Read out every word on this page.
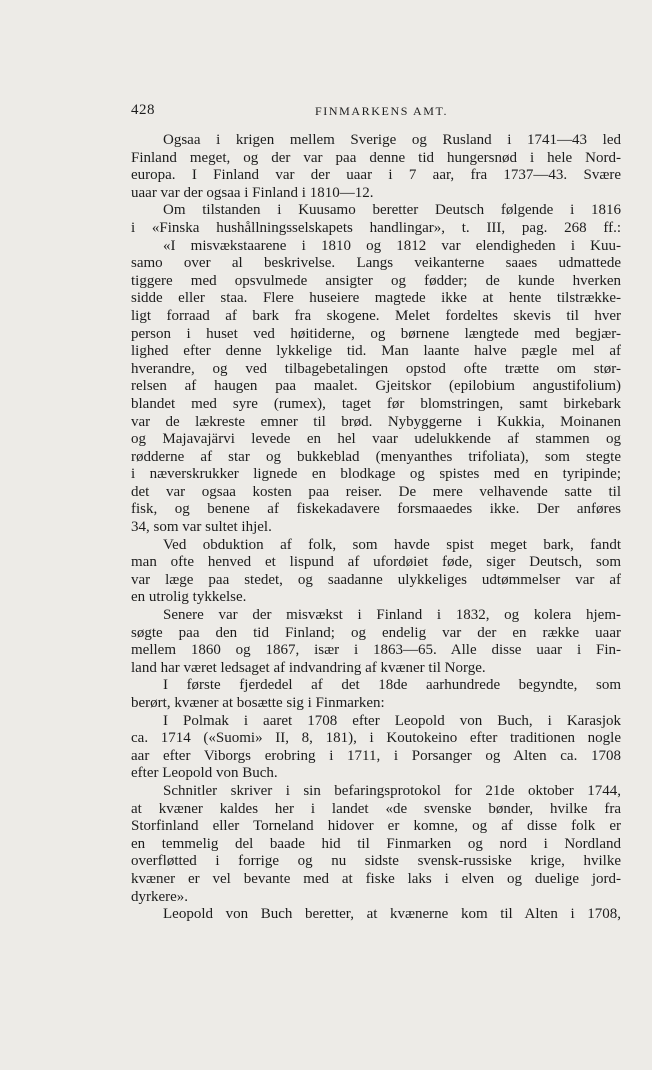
428	FINMARKENS AMT.
Ogsaa i krigen mellem Sverige og Rusland i 1741—43 led
Finland meget, og der var paa denne tid hungersnød i hele Nord-
europa. I Finland var der uaar i 7 aar, fra 1737—43. Svære
uaar var der ogsaa i Finland i 1810—12.
Om tilstanden i Kuusamo beretter Deutsch følgende i 1816
i «Finska hushållningsselskapets handlingar», t. III, pag. 268 ff.:
«I misvækstaarene i 1810 og 1812 var elendigheden i Kuu-
samo over al beskrivelse. Langs veikanterne saaes udmattede
tiggere med opsvulmede ansigter og fødder; de kunde hverken
sidde eller staa. Flere huseiere magtede ikke at hente tilstrække-
ligt forraad af bark fra skogene. Melet fordeltes skevis til hver
person i huset ved høitiderne, og børnene længtede med begjær-
lighed efter denne lykkelige tid. Man laante halve pægle mel af
hverandre, og ved tilbagebetalingen opstod ofte trætte om stør-
relsen af haugen paa maalet. Gjeitskor (epilobium angustifolium)
blandet med syre (rumex), taget før blomstringen, samt birkebark
var de lækreste emner til brød. Nybyggerne i Kukkia, Moinanen
og Majavajärvi levede en hel vaar udelukkende af stammen og
rødderne af star og bukkeblad (menyanthes trifoliata), som stegte
i næverskrukker lignede en blodkage og spistes med en tyripinde;
det var ogsaa kosten paa reiser. De mere velhavende satte til
fisk, og benene af fiskekadavere forsmaaedes ikke. Der anføres
34, som var sultet ihjel.
Ved obduktion af folk, som havde spist meget bark, fandt
man ofte henved et lispund af ufordøiet føde, siger Deutsch, som
var læge paa stedet, og saadanne ulykkeliges udtømmelser var af
en utrolig tykkelse.
Senere var der misvækst i Finland i 1832, og kolera hjem-
søgte paa den tid Finland; og endelig var der en række uaar
mellem 1860 og 1867, især i 1863—65. Alle disse uaar i Fin-
land har været ledsaget af indvandring af kvæner til Norge.
I første fjerdedel af det 18de aarhundrede begyndte, som
berørt, kvæner at bosætte sig i Finmarken:
I Polmak i aaret 1708 efter Leopold von Buch, i Karasjok
ca. 1714 («Suomi» II, 8, 181), i Koutokeino efter traditionen nogle
aar efter Viborgs erobring i 1711, i Porsanger og Alten ca. 1708
efter Leopold von Buch.
Schnitler skriver i sin befaringsprotokol for 21de oktober 1744,
at kvæner kaldes her i landet «de svenske bønder, hvilke fra
Storfinland eller Torneland hidover er komne, og af disse folk er
en temmelig del baade hid til Finmarken og nord i Nordland
overfløtted i forrige og nu sidste svensk-russiske krige, hvilke
kvæner er vel bevante med at fiske laks i elven og duelige jord-
dyrkere».
Leopold von Buch beretter, at kvænerne kom til Alten i 1708,
